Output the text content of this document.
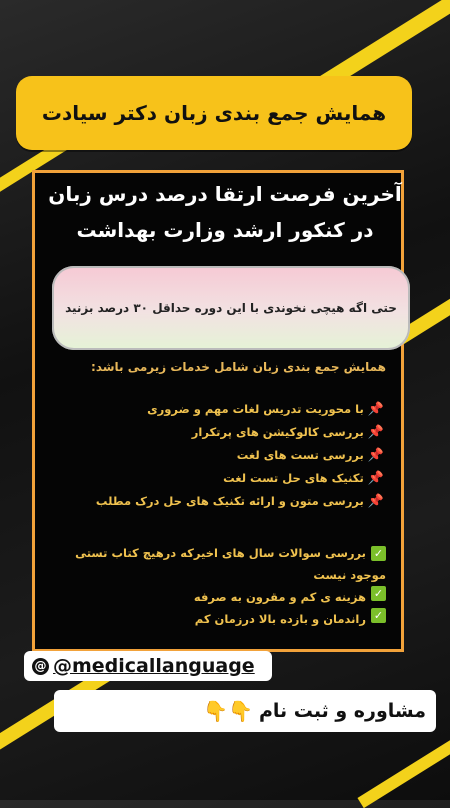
همایش جمع بندی زبان دکتر سیادت
آخرین فرصت ارتقا درصد درس زبان
در کنکور ارشد وزارت بهداشت
حتی اگه هیچی نخوندی با این دوره حداقل ۳۰ درصد بزنید
همایش جمع بندی زبان شامل خدمات زیرمی باشد:
📌
با محوریت تدریس لغات مهم و ضروری
📌
بررسی کالوکیشن های پرتکرار
📌
بررسی تست های لغت
📌
تکنیک های حل تست لغت
📌
بررسی متون و ارائه تکنیک های حل درک مطلب
✓بررسی سوالات سال های اخیرکه درهیچ کتاب تستی موجود نیست
✓
هزینه ی کم و مقرون به صرفه
✓
راندمان و بازده بالا درزمان کم
@ @medicallanguage
مشاوره و ثبت نام
👇👇
